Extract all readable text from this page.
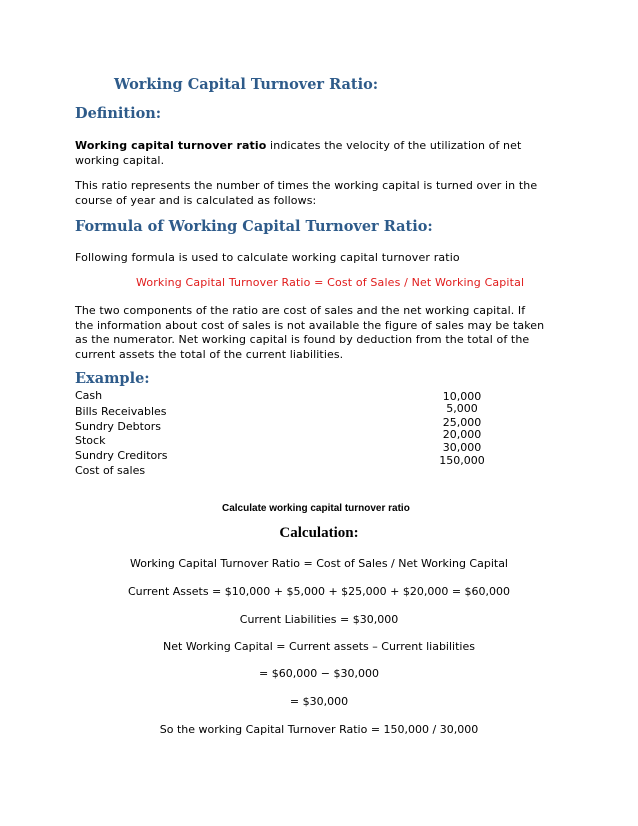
Working Capital Turnover Ratio:
Definition:
Working capital turnover ratio indicates the velocity of the utilization of net working capital.
This ratio represents the number of times the working capital is turned over in the course of year and is calculated as follows:
Formula of Working Capital Turnover Ratio:
Following formula is used to calculate working capital turnover ratio
Working Capital Turnover Ratio = Cost of Sales / Net Working Capital
The two components of the ratio are cost of sales and the net working capital. If the information about cost of sales is not available the figure of sales may be taken as the numerator. Net working capital is found by deduction from the total of the current assets the total of the current liabilities.
Example:
Cash
Bills Receivables
Sundry Debtors
Stock
Sundry Creditors
Cost of sales
10,000
5,000
25,000
20,000
30,000
150,000
Calculate working capital turnover ratio
Calculation:
Working Capital Turnover Ratio = Cost of Sales / Net Working Capital
Current Assets = $10,000 + $5,000 + $25,000 + $20,000 = $60,000
Current Liabilities = $30,000
Net Working Capital = Current assets – Current liabilities
= $60,000 − $30,000
= $30,000
So the working Capital Turnover Ratio = 150,000 / 30,000
